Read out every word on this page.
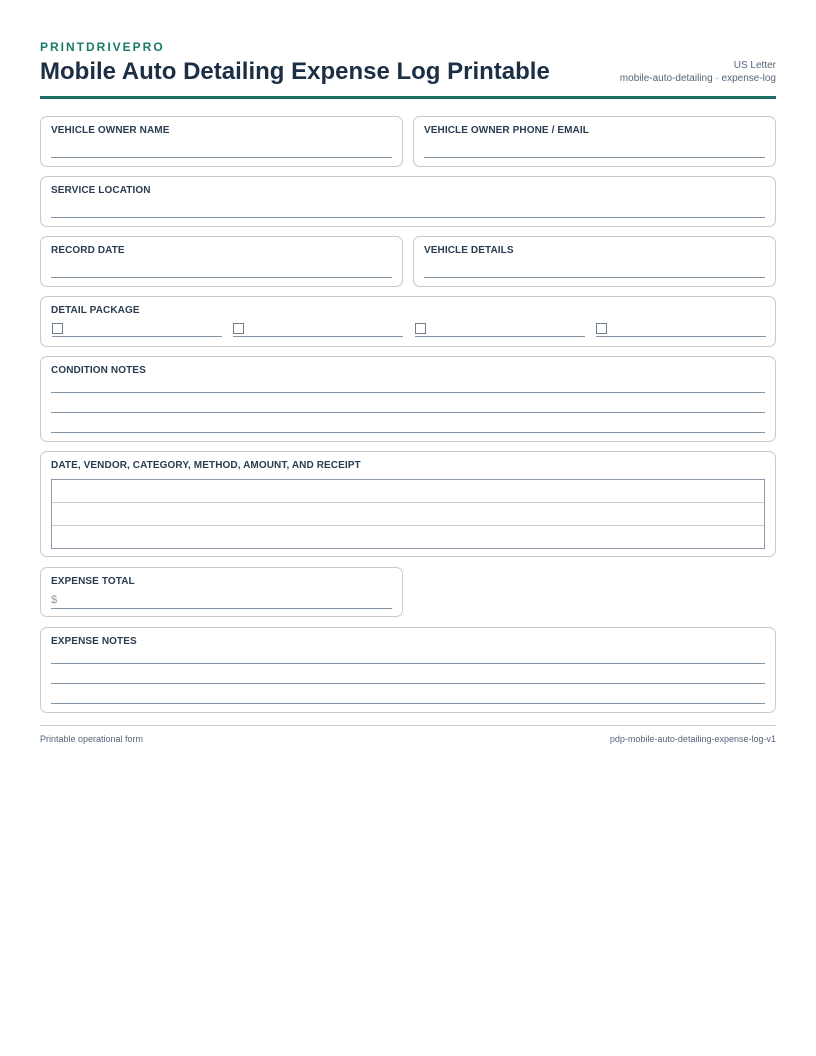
PRINTDRIVEPRO
Mobile Auto Detailing Expense Log Printable	US Letter
mobile-auto-detailing · expense-log
VEHICLE OWNER NAME	VEHICLE OWNER PHONE / EMAIL
SERVICE LOCATION
RECORD DATE	VEHICLE DETAILS
DETAIL PACKAGE
CONDITION NOTES
DATE, VENDOR, CATEGORY, METHOD, AMOUNT, AND RECEIPT
EXPENSE TOTAL
$
EXPENSE NOTES
Printable operational form	pdp-mobile-auto-detailing-expense-log-v1
